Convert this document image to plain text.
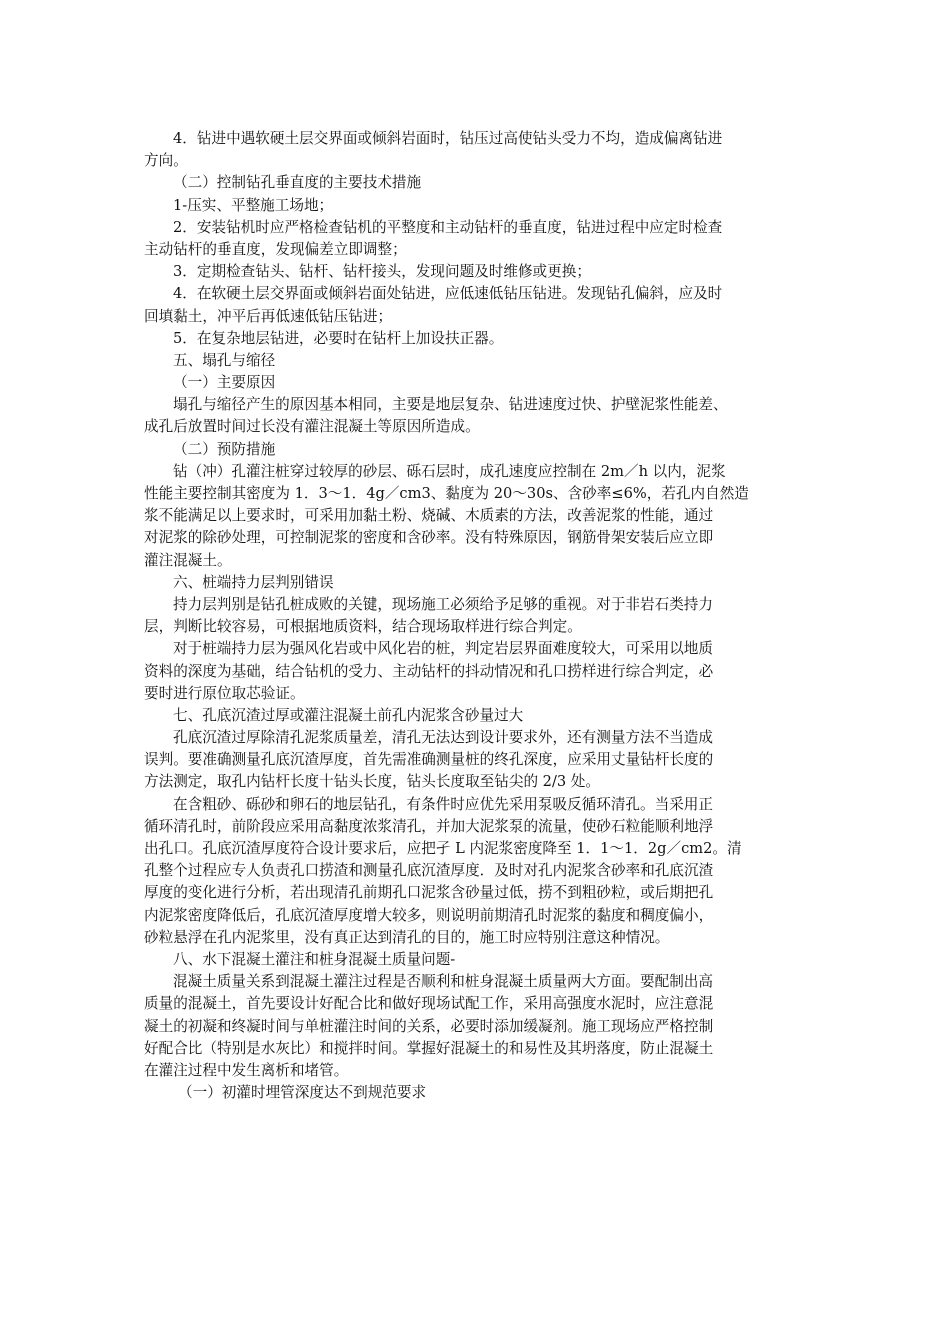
4．钻进中遇软硬土层交界面或倾斜岩面时，钻压过高使钻头受力不均，造成偏离钻进
方向。
（二）控制钻孔垂直度的主要技术措施
1-压实、平整施工场地；
2．安装钻机时应严格检查钻机的平整度和主动钻杆的垂直度，钻进过程中应定时检查
主动钻杆的垂直度，发现偏差立即调整；
3．定期检查钻头、钻杆、钻杆接头，发现问题及时维修或更换；
4．在软硬土层交界面或倾斜岩面处钻进，应低速低钻压钻进。发现钻孔偏斜，应及时
回填黏土，冲平后再低速低钻压钻进；
5．在复杂地层钻进，必要时在钻杆上加设扶正器。
五、塌孔与缩径
（一）主要原因
塌孔与缩径产生的原因基本相同，主要是地层复杂、钻进速度过快、护壁泥浆性能差、
成孔后放置时间过长没有灌注混凝土等原因所造成。
（二）预防措施
钻（冲）孔灌注桩穿过较厚的砂层、砾石层时，成孔速度应控制在 2m／h 以内，泥浆
性能主要控制其密度为 1．3～1．4g／cm3、黏度为 20～30s、含砂率≤6%，若孔内自然造
浆不能满足以上要求时，可采用加黏土粉、烧碱、木质素的方法，改善泥浆的性能，通过
对泥浆的除砂处理，可控制泥浆的密度和含砂率。没有特殊原因，钢筋骨架安装后应立即
灌注混凝土。
六、桩端持力层判别错误
持力层判别是钻孔桩成败的关键，现场施工必须给予足够的重视。对于非岩石类持力
层，判断比较容易，可根据地质资料，结合现场取样进行综合判定。
对于桩端持力层为强风化岩或中风化岩的桩，判定岩层界面难度较大，可采用以地质
资料的深度为基础，结合钻机的受力、主动钻杆的抖动情况和孔口捞样进行综合判定，必
要时进行原位取芯验证。
七、孔底沉渣过厚或灌注混凝土前孔内泥浆含砂量过大
孔底沉渣过厚除清孔泥浆质量差，清孔无法达到设计要求外，还有测量方法不当造成
误判。要准确测量孔底沉渣厚度，首先需准确测量桩的终孔深度，应采用丈量钻杆长度的
方法测定，取孔内钻杆长度十钻头长度，钻头长度取至钻尖的 2/3 处。
在含粗砂、砾砂和卵石的地层钻孔，有条件时应优先采用泵吸反循环清孔。当采用正
循环清孔时，前阶段应采用高黏度浓浆清孔，并加大泥浆泵的流量，使砂石粒能顺利地浮
出孔口。孔底沉渣厚度符合设计要求后，应把孑 L 内泥浆密度降至 1．1～1．2g／cm2。清
孔整个过程应专人负责孔口捞渣和测量孔底沉渣厚度．及时对孔内泥浆含砂率和孔底沉渣
厚度的变化进行分析，若出现清孔前期孔口泥浆含砂量过低，捞不到粗砂粒，或后期把孔
内泥浆密度降低后，孔底沉渣厚度增大较多，则说明前期清孔时泥浆的黏度和稠度偏小，
砂粒悬浮在孔内泥浆里，没有真正达到清孔的目的，施工时应特别注意这种情况。
八、水下混凝土灌注和桩身混凝土质量问题-
混凝土质量关系到混凝土灌注过程是否顺利和桩身混凝土质量两大方面。要配制出高
质量的混凝土，首先要设计好配合比和做好现场试配工作，采用高强度水泥时，应注意混
凝土的初凝和终凝时间与单桩灌注时间的关系，必要时添加缓凝剂。施工现场应严格控制
好配合比（特别是水灰比）和搅拌时间。掌握好混凝土的和易性及其坍落度，防止混凝土
在灌注过程中发生离析和堵管。
（一）初灌时埋管深度达不到规范要求
